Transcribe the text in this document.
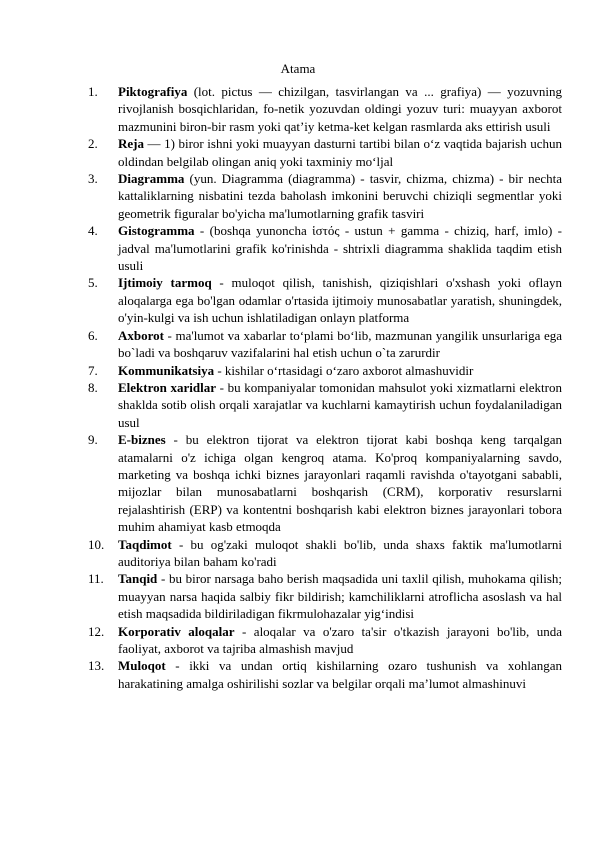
Atama
1.	Piktografiya (lot. pictus — chizilgan, tasvirlangan va ... grafiya) — yozuvning rivojlanish bosqichlaridan, fo-netik yozuvdan oldingi yozuv turi: muayyan axborot mazmunini biron-bir rasm yoki qat’iy ketma-ket kelgan rasmlarda aks ettirish usuli
2.	Reja — 1) biror ishni yoki muayyan dasturni tartibi bilan o‘z vaqtida bajarish uchun oldindan belgilab olingan aniq yoki taxminiy mo‘ljal
3.	Diagramma (yun. Diagramma (diagramma) - tasvir, chizma, chizma) - bir nechta kattaliklarning nisbatini tezda baholash imkonini beruvchi chiziqli segmentlar yoki geometrik figuralar bo'yicha ma'lumotlarning grafik tasviri
4.	Gistogramma - (boshqa yunoncha ἱστός - ustun + gamma - chiziq, harf, imlo) - jadval ma'lumotlarini grafik ko'rinishda - shtrixli diagramma shaklida taqdim etish usuli
5.	Ijtimoiy tarmoq - muloqot qilish, tanishish, qiziqishlari o'xshash yoki oflayn aloqalarga ega bo'lgan odamlar o'rtasida ijtimoiy munosabatlar yaratish, shuningdek, o'yin-kulgi va ish uchun ishlatiladigan onlayn platforma
6.	Axborot - ma'lumot va xabarlar to‘plami bo‘lib, mazmunan yangilik unsurlariga ega bo`ladi va boshqaruv vazifalarini hal etish uchun o`ta zarurdir
7.	Kommunikatsiya - kishilar o‘rtasidagi o‘zaro axborot almashuvidir
8.	Elektron xaridlar - bu kompaniyalar tomonidan mahsulot yoki xizmatlarni elektron shaklda sotib olish orqali xarajatlar va kuchlarni kamaytirish uchun foydalaniladigan usul
9.	E-biznes - bu elektron tijorat va elektron tijorat kabi boshqa keng tarqalgan atamalarni o'z ichiga olgan kengroq atama. Ko'proq kompaniyalarning savdo, marketing va boshqa ichki biznes jarayonlari raqamli ravishda o'tayotgani sababli, mijozlar bilan munosabatlarni boshqarish (CRM), korporativ resurslarni rejalashtirish (ERP) va kontentni boshqarish kabi elektron biznes jarayonlari tobora muhim ahamiyat kasb etmoqda
10.	Taqdimot - bu og'zaki muloqot shakli bo'lib, unda shaxs faktik ma'lumotlarni auditoriya bilan baham ko'radi
11.	Tanqid - bu biror narsaga baho berish maqsadida uni taxlil qilish, muhokama qilish; muayyan narsa haqida salbiy fikr bildirish; kamchiliklarni atroflicha asoslash va hal etish maqsadida bildiriladigan fikrmulohazalar yig‘indisi
12.	Korporativ aloqalar - aloqalar va o'zaro ta'sir o'tkazish jarayoni bo'lib, unda faoliyat, axborot va tajriba almashish mavjud
13.	Muloqot - ikki va undan ortiq kishilarning ozaro tushunish va xohlangan harakatining amalga oshirilishi sozlar va belgilar orqali ma’lumot almashinuvi
